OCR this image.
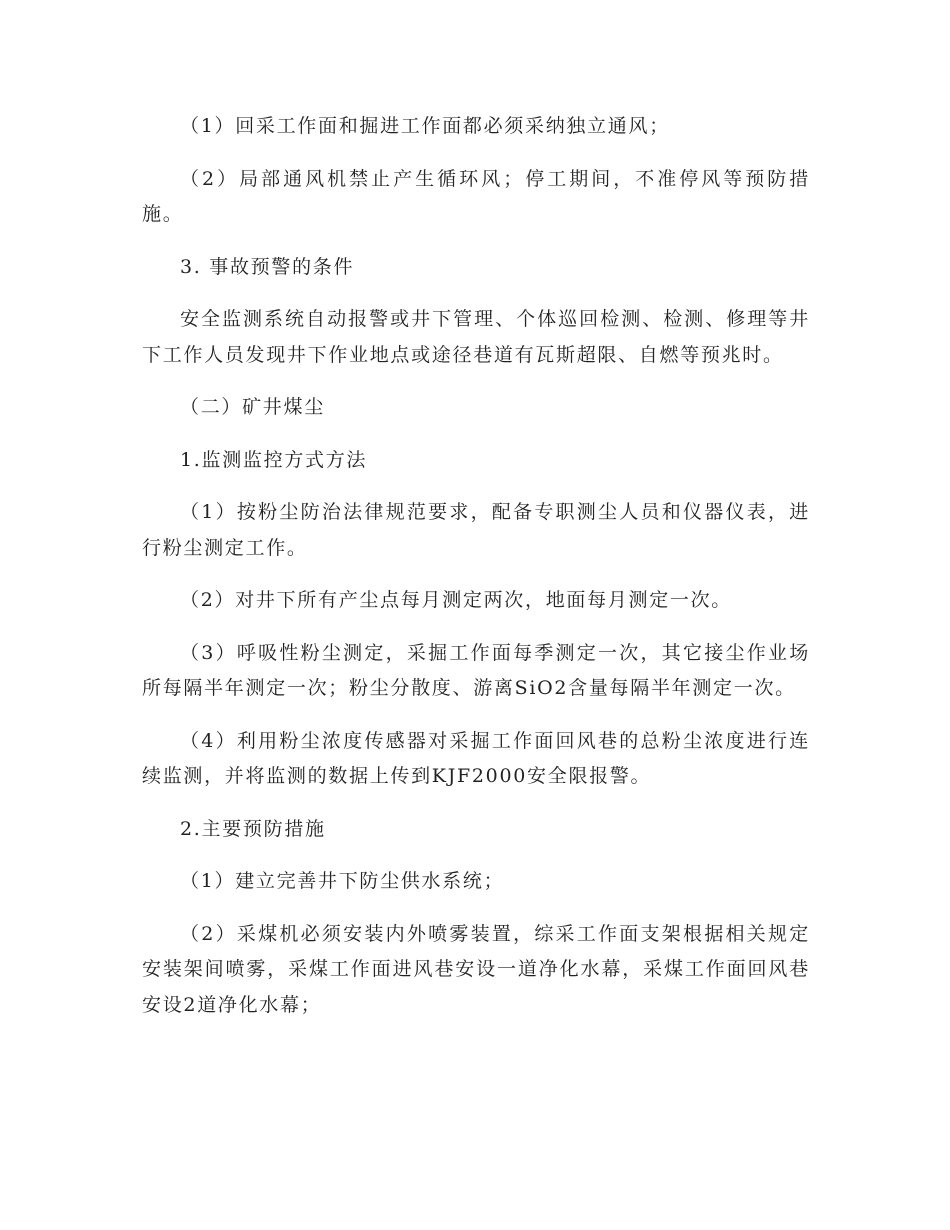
（1）回采工作面和掘进工作面都必须采纳独立通风；

（2）局部通风机禁止产生循环风；停工期间，不准停风等预防措施。

3. 事故预警的条件

安全监测系统自动报警或井下管理、个体巡回检测、检测、修理等井下工作人员发现井下作业地点或途径巷道有瓦斯超限、自燃等预兆时。

（二）矿井煤尘

1.监测监控方式方法

（1）按粉尘防治法律规范要求，配备专职测尘人员和仪器仪表，进行粉尘测定工作。

（2）对井下所有产尘点每月测定两次，地面每月测定一次。

（3）呼吸性粉尘测定，采掘工作面每季测定一次，其它接尘作业场所每隔半年测定一次；粉尘分散度、游离SiO2含量每隔半年测定一次。

（4）利用粉尘浓度传感器对采掘工作面回风巷的总粉尘浓度进行连续监测，并将监测的数据上传到KJF2000安全限报警。

2.主要预防措施

（1）建立完善井下防尘供水系统；

（2）采煤机必须安装内外喷雾装置，综采工作面支架根据相关规定安装架间喷雾，采煤工作面进风巷安设一道净化水幕，采煤工作面回风巷安设2道净化水幕；
